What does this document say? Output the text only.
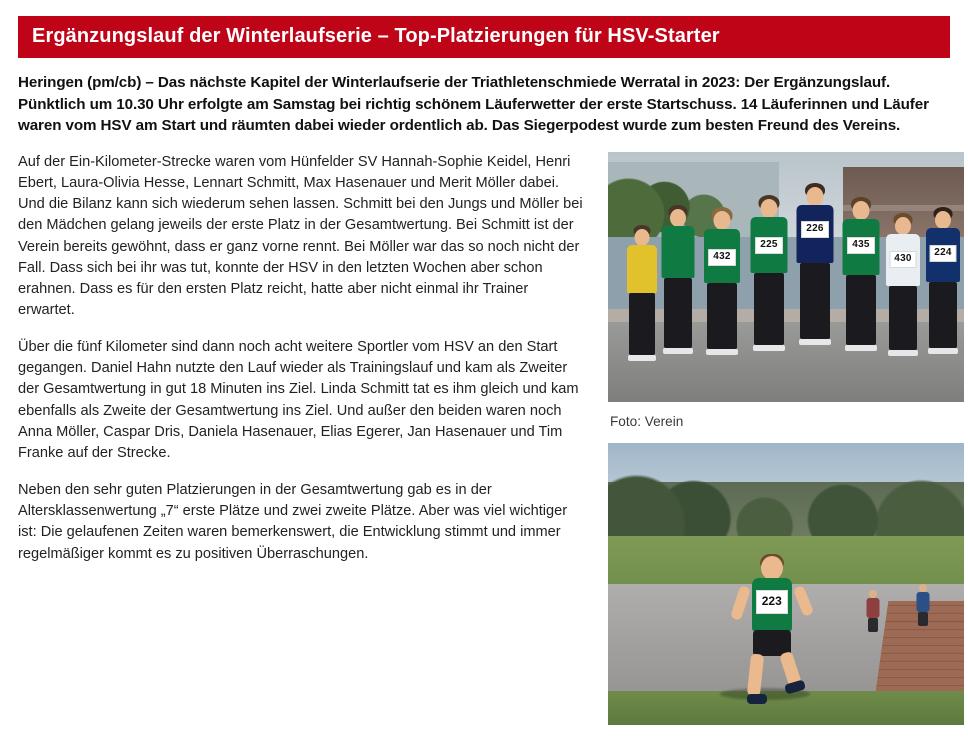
Ergänzungslauf der Winterlaufserie – Top-Platzierungen für HSV-Starter

Heringen (pm/cb) – Das nächste Kapitel der Winterlaufserie der Triathletenschmiede Werratal in 2023: Der Ergänzungslauf. Pünktlich um 10.30 Uhr erfolgte am Samstag bei richtig schönem Läuferwetter der erste Startschuss. 14 Läuferinnen und Läufer waren vom HSV am Start und räumten dabei wieder ordentlich ab. Das Siegerpodest wurde zum besten Freund des Vereins.

Auf der Ein-Kilometer-Strecke waren vom Hünfelder SV Hannah-Sophie Keidel, Henri Ebert, Laura-Olivia Hesse, Lennart Schmitt, Max Hasenauer und Merit Möller dabei. Und die Bilanz kann sich wiederum sehen lassen. Schmitt bei den Jungs und Möller bei den Mädchen gelang jeweils der erste Platz in der Gesamtwertung. Bei Schmitt ist der Verein bereits gewöhnt, dass er ganz vorne rennt. Bei Möller war das so noch nicht der Fall. Dass sich bei ihr was tut, konnte der HSV in den letzten Wochen aber schon erahnen. Dass es für den ersten Platz reicht, hatte aber nicht einmal ihr Trainer erwartet.

Über die fünf Kilometer sind dann noch acht weitere Sportler vom HSV an den Start gegangen. Daniel Hahn nutzte den Lauf wieder als Trainingslauf und kam als Zweiter der Gesamtwertung in gut 18 Minuten ins Ziel. Linda Schmitt tat es ihm gleich und kam ebenfalls als Zweite der Gesamtwertung ins Ziel. Und außer den beiden waren noch Anna Möller, Caspar Dris, Daniela Hasenauer, Elias Egerer, Jan Hasenauer und Tim Franke auf der Strecke.

Neben den sehr guten Platzierungen in der Gesamtwertung gab es in der Altersklassenwertung „7“ erste Plätze und zwei zweite Plätze. Aber was viel wichtiger ist: Die gelaufenen Zeiten waren bemerkenswert, die Entwicklung stimmt und immer regelmäßiger kommt es zu positiven Überraschungen.

432
225
226
435
430
224
Foto: Verein
223
